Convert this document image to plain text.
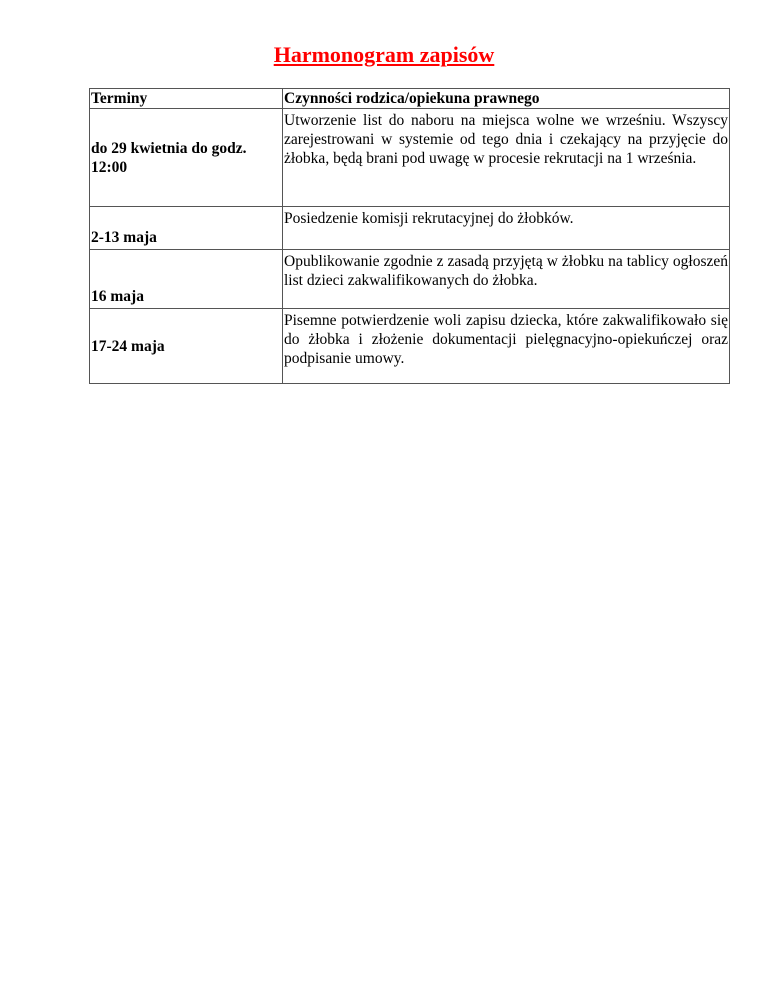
Harmonogram zapisów
Terminy	Czynności rodzica/opiekuna prawnego
do 29 kwietnia do godz. 12:00	Utworzenie list do naboru na miejsca wolne we wrześniu. Wszyscy zarejestrowani w systemie od tego dnia i czekający na przyjęcie do żłobka, będą brani pod uwagę w procesie rekrutacji na 1 września.

2-13 maja	Posiedzenie komisji rekrutacyjnej do żłobków.

16 maja	Opublikowanie zgodnie z zasadą przyjętą w żłobku na tablicy ogłoszeń list dzieci zakwalifikowanych do żłobka.

17-24 maja	Pisemne potwierdzenie woli zapisu dziecka, które zakwalifikowało się do żłobka i złożenie dokumentacji pielęgnacyjno-opiekuńczej oraz podpisanie umowy.
